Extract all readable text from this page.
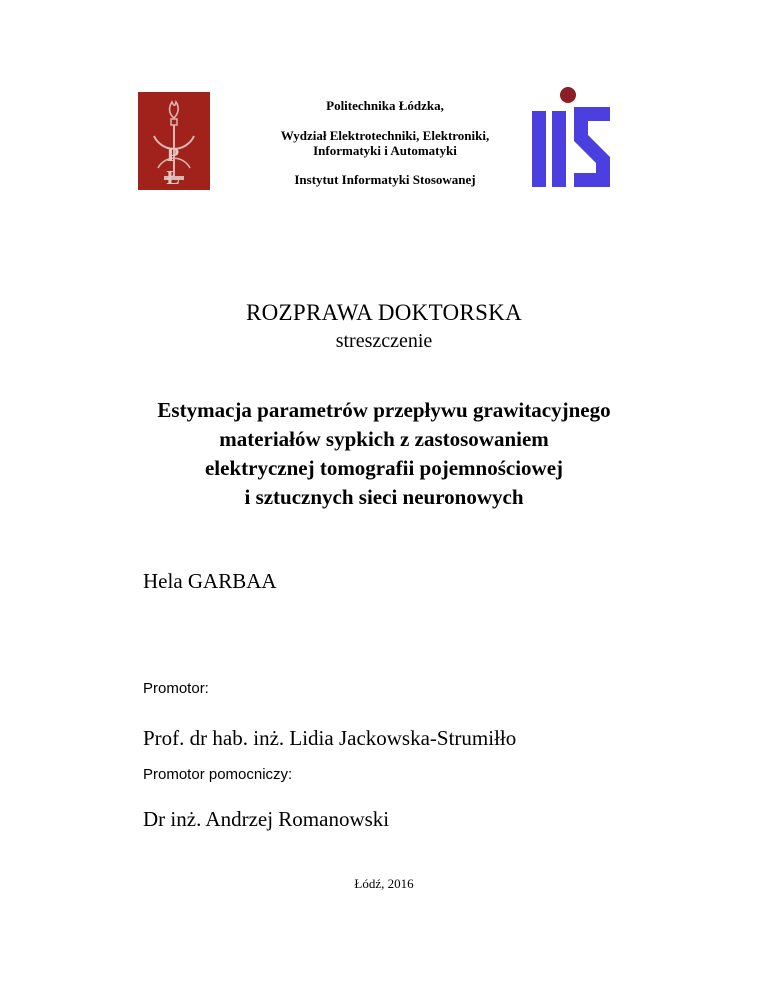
P Ł
Politechnika Łódzka,
Wydział Elektrotechniki, Elektroniki,
Informatyki i Automatyki
Instytut Informatyki Stosowanej
ROZPRAWA DOKTORSKA
streszczenie
Estymacja parametrów przepływu grawitacyjnego
materiałów sypkich z zastosowaniem
elektrycznej tomografii pojemnościowej
i sztucznych sieci neuronowych
Hela GARBAA
Promotor:
Prof. dr hab. inż. Lidia Jackowska-Strumiłło
Promotor pomocniczy:
Dr inż. Andrzej Romanowski
Łódź, 2016
